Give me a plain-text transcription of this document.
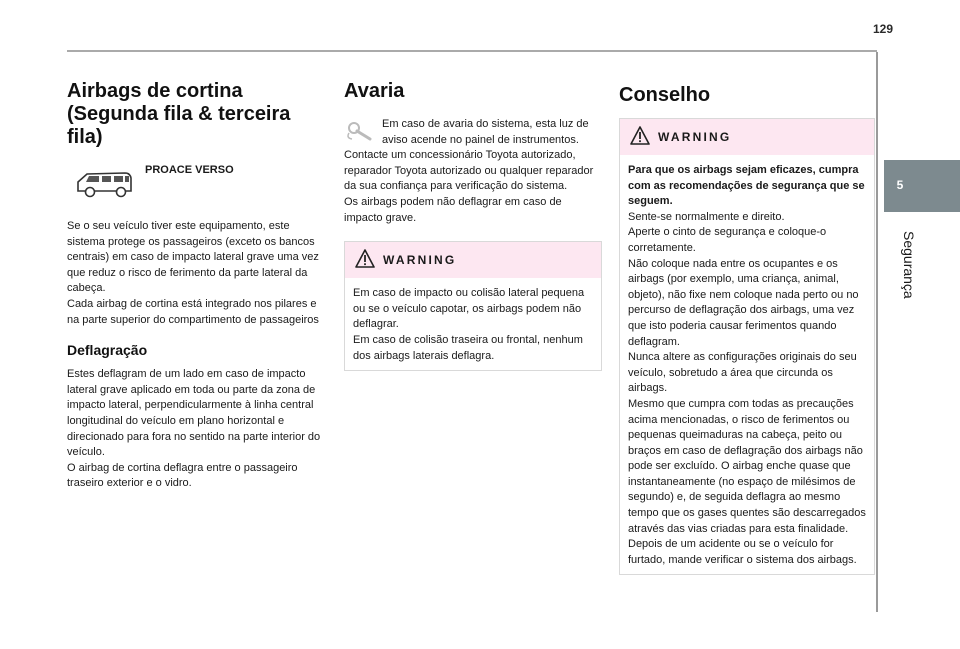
129
5
Segurança
Airbags de cortina
(Segunda fila & terceira fila)
PROACE VERSO

Se o seu veículo tiver este equipamento, este sistema protege os passageiros (exceto os bancos centrais) em caso de impacto lateral grave uma vez que reduz o risco de ferimento da parte lateral da cabeça.
Cada airbag de cortina está integrado nos pilares e na parte superior do compartimento de passageiros

Deflagração

Estes deflagram de um lado em caso de impacto lateral grave aplicado em toda ou parte da zona de impacto lateral, perpendicularmente à linha central longitudinal do veículo em plano horizontal e direcionado para fora no sentido na parte interior do veículo.
O airbag de cortina deflagra entre o passageiro traseiro exterior e o vidro.

Avaria

Em caso de avaria do sistema, esta luz de aviso acende no painel de instrumentos. Contacte um concessionário Toyota autorizado, reparador Toyota autorizado ou qualquer reparador da sua confiança para verificação do sistema.
Os airbags podem não deflagrar em caso de impacto grave.

WARNING

Em caso de impacto ou colisão lateral pequena ou se o veículo capotar, os airbags podem não deflagrar.
Em caso de colisão traseira ou frontal, nenhum dos airbags laterais deflagra.

Conselho
WARNING

Para que os airbags sejam eficazes, cumpra com as recomendações de segurança que se seguem.

Sente-se normalmente e direito.
Aperte o cinto de segurança e coloque-o corretamente.
Não coloque nada entre os ocupantes e os airbags (por exemplo, uma criança, animal, objeto), não fixe nem coloque nada perto ou no percurso de deflagração dos airbags, uma vez que isto poderia causar ferimentos quando deflagram.
Nunca altere as configurações originais do seu veículo, sobretudo a área que circunda os airbags.
Mesmo que cumpra com todas as precauções acima mencionadas, o risco de ferimentos ou pequenas queimaduras na cabeça, peito ou braços em caso de deflagração dos airbags não pode ser excluído. O airbag enche quase que instantaneamente (no espaço de milésimos de segundo) e, de seguida deflagra ao mesmo tempo que os gases quentes são descarregados através das vias criadas para esta finalidade.
Depois de um acidente ou se o veículo for furtado, mande verificar o sistema dos airbags.
